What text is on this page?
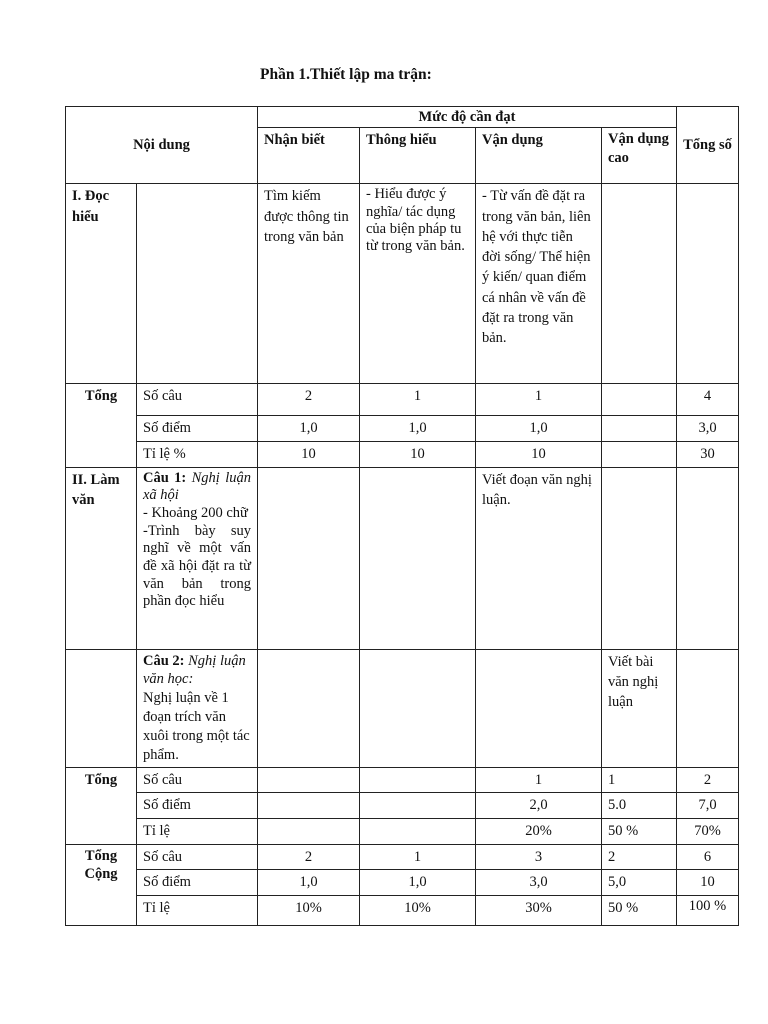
Phần 1.Thiết lập ma trận:
Nội dung		Mức độ cần đạt				Tổng số
		Nhận biết	Thông hiểu	Vận dụng	Vận dụng cao	
I. Đọc hiểu		Tìm kiếm được thông tin trong văn bản	- Hiểu được ý nghĩa/ tác dụng của biện pháp tu từ trong văn bản.	- Từ vấn đề đặt ra trong văn bản, liên hệ với thực tiễn đời sống/ Thể hiện ý kiến/ quan điểm cá nhân về vấn đề đặt ra trong văn bản.		
Tổng	Số câu	2	1	1		4
	Số điểm	1,0	1,0	1,0		3,0
	Tỉ lệ %	10	10	10		30
II. Làm văn	Câu 1: Nghị luận xã hội
- Khoảng 200 chữ
-Trình bày suy nghĩ về một vấn đề xã hội đặt ra từ văn bản trong phần đọc hiểu			Viết đoạn văn nghị luận.		
	Câu 2: Nghị luận văn học:
Nghị luận về 1 đoạn trích văn xuôi trong một tác phẩm.				Viết bài văn nghị luận	
Tổng	Số câu			1	1	2
	Số điểm			2,0	5.0	7,0
	Tỉ lệ			20%	50 %	70%
Tổng Cộng	Số câu	2	1	3	2	6
	Số điểm	1,0	1,0	3,0	5,0	10
	Tỉ lệ	10%	10%	30%	50 %	100 %
